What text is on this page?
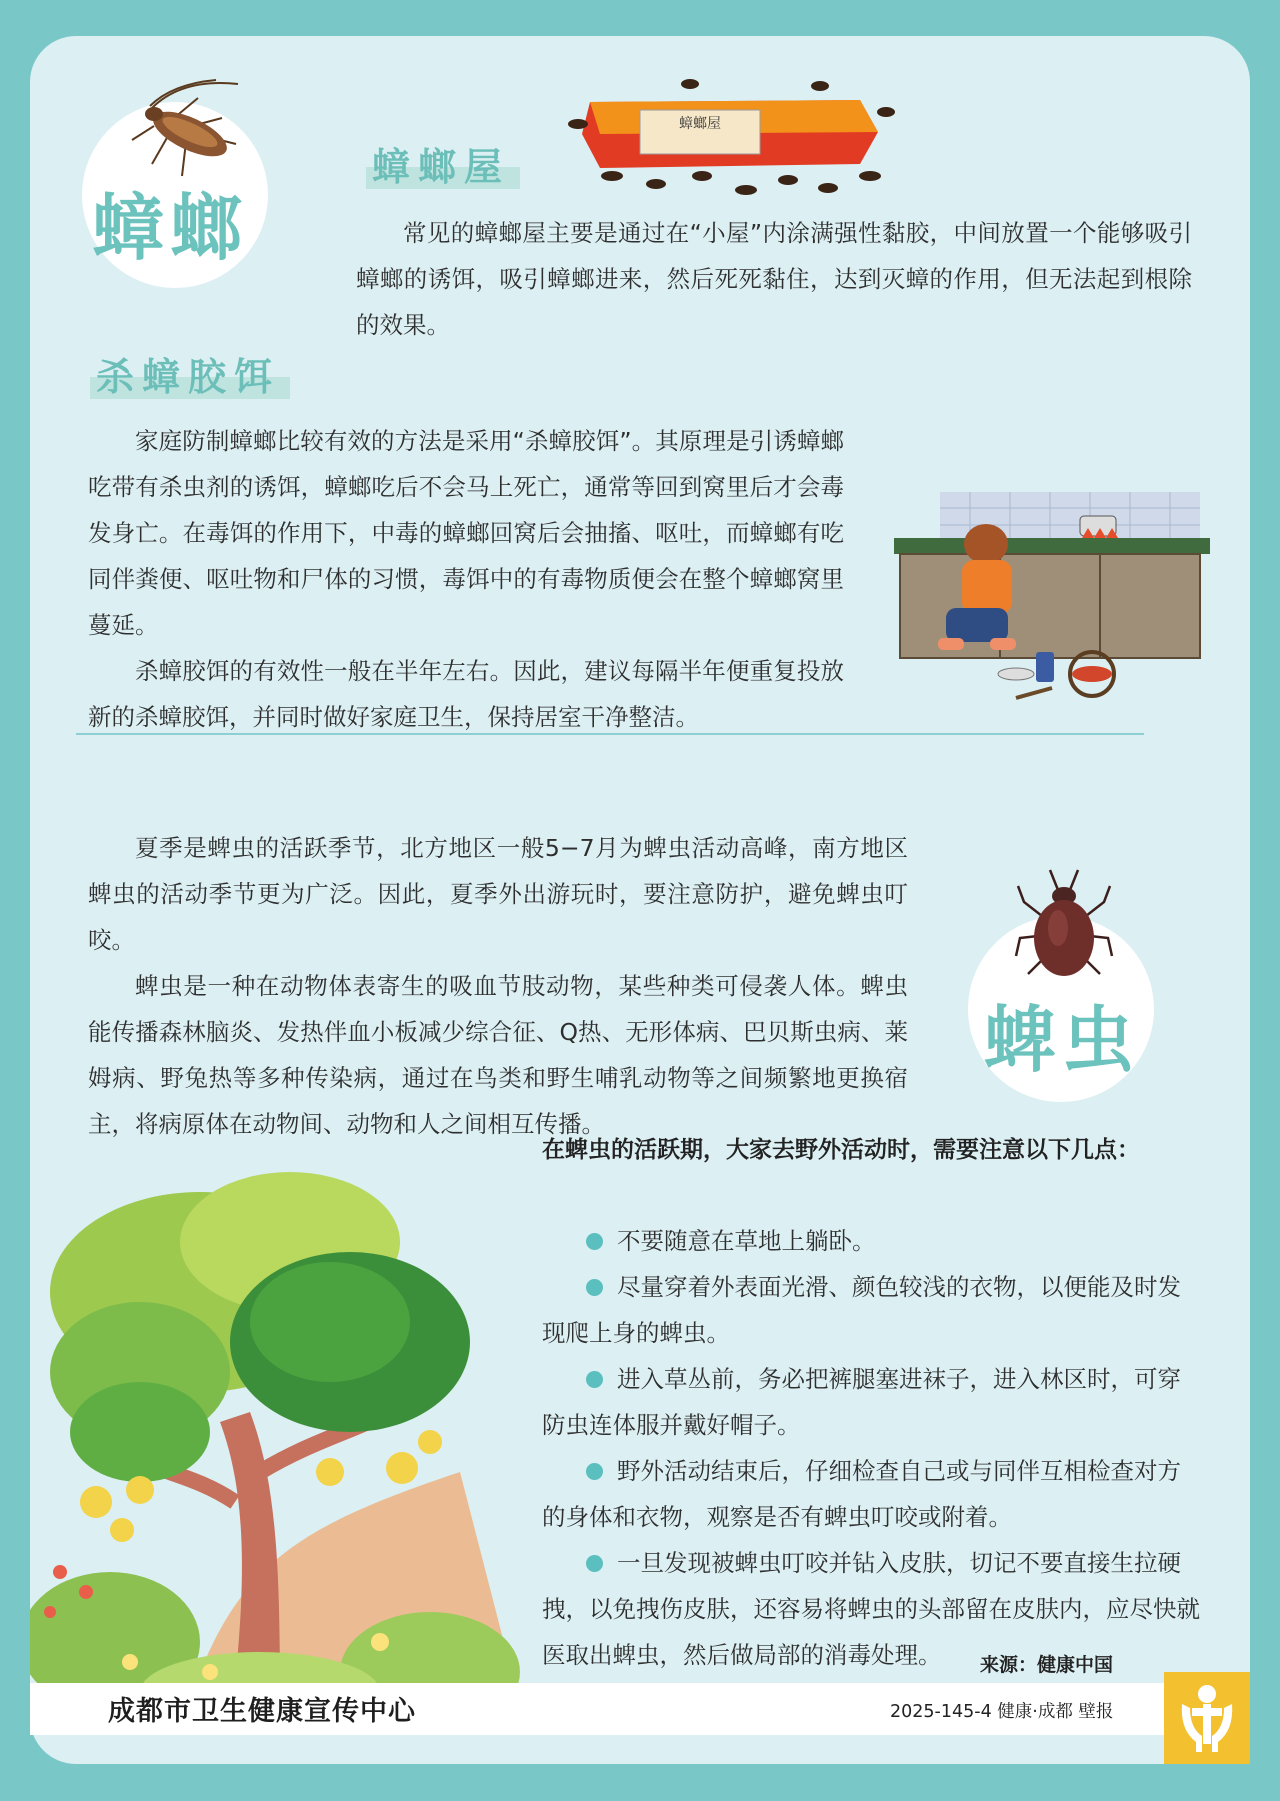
蟑螂
蟑螂屋
蟑螂屋

常见的蟑螂屋主要是通过在“小屋”内涂满强性黏胶，中间放置一个能够吸引蟑螂的诱饵，吸引蟑螂进来，然后死死黏住，达到灭蟑的作用，但无法起到根除的效果。

杀蟑胶饵

家庭防制蟑螂比较有效的方法是采用“杀蟑胶饵”。其原理是引诱蟑螂吃带有杀虫剂的诱饵，蟑螂吃后不会马上死亡，通常等回到窝里后才会毒发身亡。在毒饵的作用下，中毒的蟑螂回窝后会抽搐、呕吐，而蟑螂有吃同伴粪便、呕吐物和尸体的习惯，毒饵中的有毒物质便会在整个蟑螂窝里蔓延。

杀蟑胶饵的有效性一般在半年左右。因此，建议每隔半年便重复投放新的杀蟑胶饵，并同时做好家庭卫生，保持居室干净整洁。

夏季是蜱虫的活跃季节，北方地区一般5−7月为蜱虫活动高峰，南方地区蜱虫的活动季节更为广泛。因此，夏季外出游玩时，要注意防护，避免蜱虫叮咬。

蜱虫是一种在动物体表寄生的吸血节肢动物，某些种类可侵袭人体。蜱虫能传播森林脑炎、发热伴血小板减少综合征、Q热、无形体病、巴贝斯虫病、莱姆病、野兔热等多种传染病，通过在鸟类和野生哺乳动物等之间频繁地更换宿主，将病原体在动物间、动物和人之间相互传播。

蜱虫
在蜱虫的活跃期，大家去野外活动时，需要注意以下几点：

不要随意在草地上躺卧。

尽量穿着外表面光滑、颜色较浅的衣物，以便能及时发现爬上身的蜱虫。

进入草丛前，务必把裤腿塞进袜子，进入林区时，可穿防虫连体服并戴好帽子。

野外活动结束后，仔细检查自己或与同伴互相检查对方的身体和衣物，观察是否有蜱虫叮咬或附着。

一旦发现被蜱虫叮咬并钻入皮肤，切记不要直接生拉硬拽，以免拽伤皮肤，还容易将蜱虫的头部留在皮肤内，应尽快就医取出蜱虫，然后做局部的消毒处理。	来源：健康中国
成都市卫生健康宣传中心	2025-145-4 健康·成都 壁报
